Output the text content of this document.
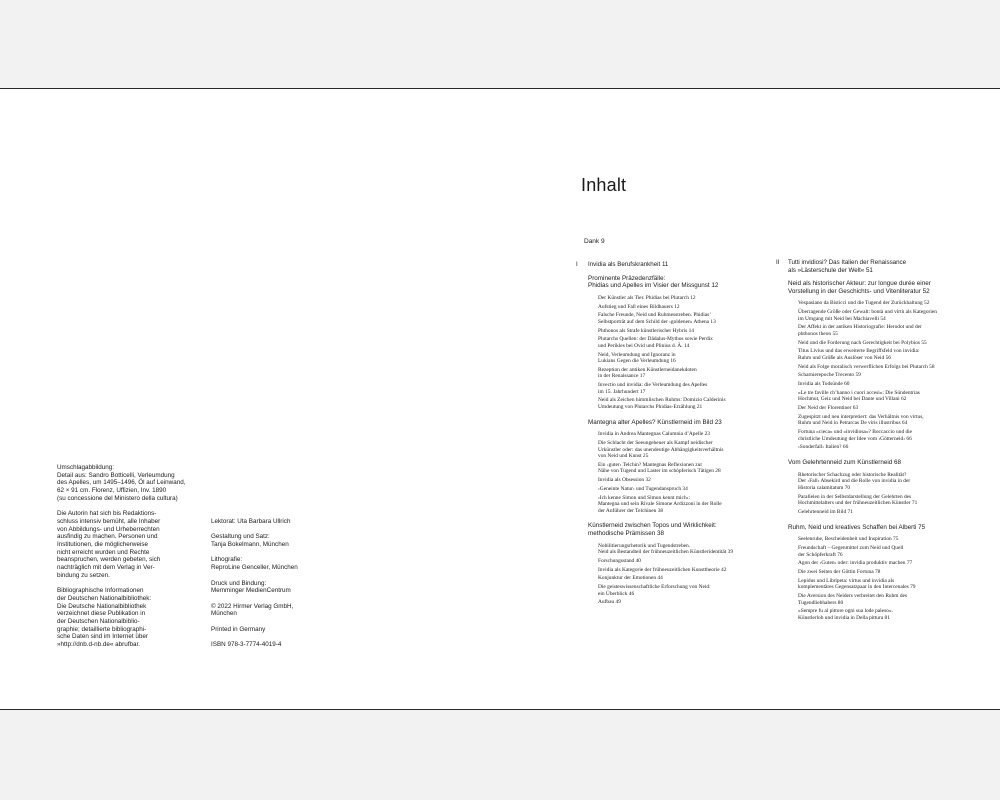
Umschlagabbildung:
Detail aus: Sandro Botticelli, Verleumdung
des Apelles, um 1495–1496, Öl auf Leinwand,
62 × 91 cm. Florenz, Uffizien, Inv. 1890
(su concessione del Ministero della cultura)

Die Autorin hat sich bis Redaktions-
schluss intensiv bemüht, alle Inhaber
von Abbildungs- und Urheberrechten
ausfindig zu machen. Personen und
Institutionen, die möglicherweise
nicht erreicht wurden und Rechte
beanspruchen, werden gebeten, sich
nachträglich mit dem Verlag in Ver-
bindung zu setzen.

Bibliographische Informationen
der Deutschen Nationalbibliothek:
Die Deutsche Nationalbibliothek
verzeichnet diese Publikation in
der Deutschen Nationalbiblio-
graphie; detaillierte bibliographi-
sche Daten sind im Internet über
»http://dnb.d-nb.de« abrufbar.

Lektorat: Uta Barbara Ullrich

Gestaltung und Satz:
Tanja Bokelmann, München

Lithografie:
ReproLine Genceller, München

Druck und Bindung:
Memminger MedienCentrum

© 2022 Hirmer Verlag GmbH,
München

Printed in Germany

ISBN 978-3-7774-4019-4

Inhalt
Dank 9
I	Invidia als Berufskrankheit 11
Prominente Präzedenzfälle:
Phidias und Apelles im Visier der Missgunst 12
Der Künstler als Tier. Phidias bei Plutarch 12
Aufstieg und Fall eines Bildhauers 12
Falsche Freunde, Neid und Ruhmesstreben. Phidias’
Selbstporträt auf dem Schild der ›goldenen‹ Athena 13
Phthonos als Strafe künstlerischer Hybris 14
Plutarchs Quellen: der Dädalus-Mythos sowie Perdix
und Perikles bei Ovid und Plinius d. Ä. 14
Neid, Verleumdung und Ignoranz in
Lukians Gegen die Verleumdung 16
Rezeption der antiken Künstlerneidanekdoten
in der Renaissance 17
Invectio und invidia: die Verleumdung des Apelles
im 15. Jahrhundert 17
Neid als Zeichen himmlischen Ruhms: Domizio Calderinis
Umdeutung von Plutarchs Phidias-Erzählung 21
Mantegna alter Apelles? Künstlerneid im Bild 23
Invidia in Andrea Mantegnas Calumnia d’Apelle 23
Die Schlacht der Seeungeheuer als Kampf neidischer
Urkünstler oder: das unendeutige Abhängigkeitsverhältnis
von Neid und Kunst 25
Ein ›guter‹ Telchin? Mantegnas Reflexionen zur
Nähe von Tugend und Laster im schöpferisch Tätigen 28
Invidia als Obsession 32
›Geneinte Natur‹ und Tugendanspruch 34
›Ich kenne Simon und Simon kennt mich‹:
Mantegna und sein Rivale Simone Ardizzoni in der Rolle
der Anführer der Telchinen 38
Künstlerneid zwischen Topos und Wirklichkeit:
methodische Prämissen 38
Nobilitierungsrhetorik und Tugendstreben.
Neid als Bestandteil der frühneuzeitlichen Künstleridentität 39
Forschungsstand 40
Invidia als Kategorie der frühneuzeitlichen Kunsttheorie 42
Konjunktur der Emotionen 44
Die geisteswissenschaftliche Erforschung von Neid:
ein Überblick 46
Aufbau 49
II	Tutti invidiosi? Das Italien der Renaissance
als »Lästerschule der Welt« 51
Neid als historischer Akteur: zur longue durée einer
Vorstellung in der Geschichts- und Vitenliteratur 52
Vespasiano da Bisticci und die Tugend der Zurückhaltung 52
Überragende Größe oder Gewalt: bontà und virtù als Kategorien
im Umgang mit Neid bei Machiavelli 54
Der Affekt in der antiken Historiografie: Herodot und der
phthonos theon 55
Neid und die Forderung nach Gerechtigkeit bei Polybios 55
Titus Livius und das erweiterte Begriffsfeld von invidia:
Ruhm und Größe als Auslöser von Neid 56
Neid als Folge moralisch verwerflichen Erfolgs bei Plutarch 58
Scharnierepoche Trecento 59
Invidia als Todsünde 60
»Le tre faville ch’hanno i cuori accesi«: Die Sündentrias
Hochmut, Geiz und Neid bei Dante und Villani 62
Der Neid der Florentiner 63
Zugespitzt und neu interpretiert: das Verhältnis von virtus,
Ruhm und Neid in Petrarcas De viris illustribus 64
Fortuna »cieca« und »invidiosa«? Boccaccio und die
christliche Umdeutung der Idee vom ›Götterneid‹ 66
›Sonderfall‹ Italien? 66
Vom Gelehrtenneid zum Künstlerneid 68
Rhetorischer Schachzug oder historische Realität?
Der ›Fall‹ Absekird und die Rolle von invidia in der
Historia calamitatum 70
Parallelen in der Selbstdarstellung der Gelehrten des
Hochmittelalters und der frühneuzeitlichen Künstler 71
Gelehrtenneid im Bild 71
Ruhm, Neid und kreatives Schaffen bei Alberti 75
Seelenruhe, Bescheidenheit und Inspiration 75
Freundschaft – Gegenmittel zum Neid und Quell
der Schöpferkraft 76
Agon der ›Guten‹ oder: invidia produktiv machen 77
Die zwei Seiten der Göttin Fortuna 78
Lepidus und Libripeta: virtus und invidia als
komplementäres Gegensatzpaar in den Intercenales 79
Die Aversion des Neiders verbreitet den Ruhm des
Tugendliebhabers 80
»Sempre fu al pittore ogni sua lode paleso«.
Künstlerlob und invidia in Della pittura 81
